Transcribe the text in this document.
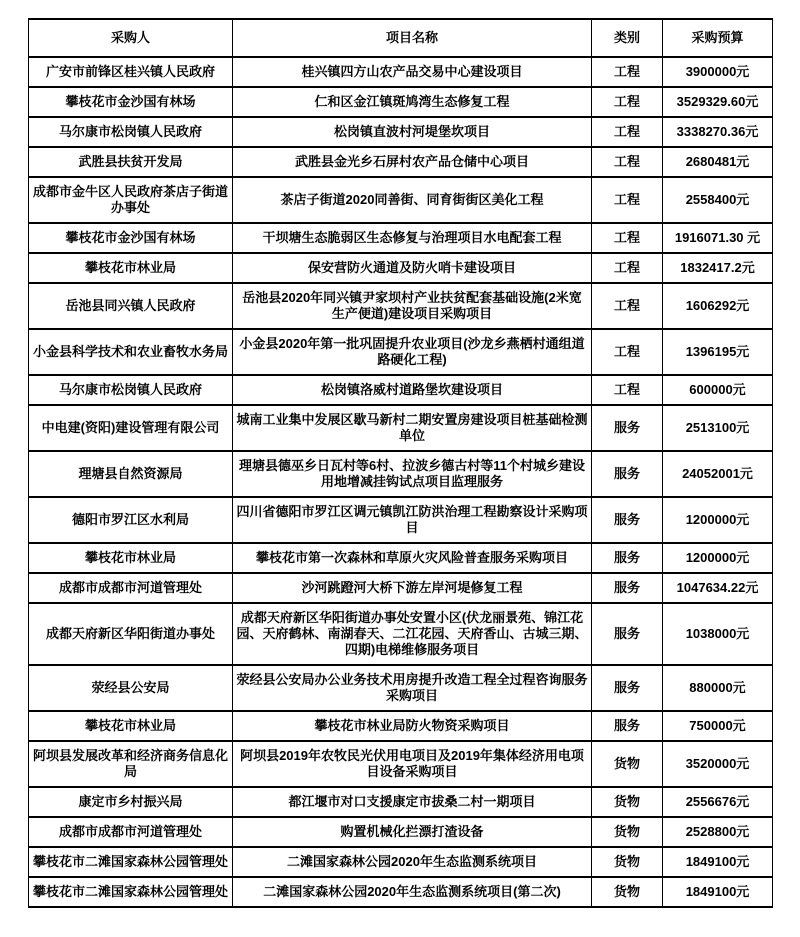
采购人	项目名称	类别	采购预算
广安市前锋区桂兴镇人民政府	桂兴镇四方山农产品交易中心建设项目	工程	3900000元
攀枝花市金沙国有林场	仁和区金江镇斑鸠湾生态修复工程	工程	3529329.60元
马尔康市松岗镇人民政府	松岗镇直波村河堤堡坎项目	工程	3338270.36元
武胜县扶贫开发局	武胜县金光乡石屏村农产品仓储中心项目	工程	2680481元
成都市金牛区人民政府茶店子街道办事处	茶店子街道2020同善街、同育街街区美化工程	工程	2558400元
攀枝花市金沙国有林场	干坝塘生态脆弱区生态修复与治理项目水电配套工程	工程	1916071.30 元
攀枝花市林业局	保安营防火通道及防火哨卡建设项目	工程	1832417.2元
岳池县同兴镇人民政府	岳池县2020年同兴镇尹家坝村产业扶贫配套基础设施(2米宽生产便道)建设项目采购项目	工程	1606292元
小金县科学技术和农业畜牧水务局	小金县2020年第一批巩固提升农业项目(沙龙乡燕栖村通组道路硬化工程)	工程	1396195元
马尔康市松岗镇人民政府	松岗镇洛威村道路堡坎建设项目	工程	600000元
中电建(资阳)建设管理有限公司	城南工业集中发展区歇马新村二期安置房建设项目桩基础检测单位	服务	2513100元
理塘县自然资源局	理塘县德巫乡日瓦村等6村、拉波乡德古村等11个村城乡建设用地增减挂钩试点项目监理服务	服务	24052001元
德阳市罗江区水利局	四川省德阳市罗江区调元镇凯江防洪治理工程勘察设计采购项目	服务	1200000元
攀枝花市林业局	攀枝花市第一次森林和草原火灾风险普查服务采购项目	服务	1200000元
成都市成都市河道管理处	沙河跳蹬河大桥下游左岸河堤修复工程	服务	1047634.22元
成都天府新区华阳街道办事处	成都天府新区华阳街道办事处安置小区(伏龙丽景苑、锦江花园、天府鹤林、南湖春天、二江花园、天府香山、古城三期、四期)电梯维修服务项目	服务	1038000元
荥经县公安局	荥经县公安局办公业务技术用房提升改造工程全过程咨询服务采购项目	服务	880000元
攀枝花市林业局	攀枝花市林业局防火物资采购项目	服务	750000元
阿坝县发展改革和经济商务信息化局	阿坝县2019年农牧民光伏用电项目及2019年集体经济用电项目设备采购项目	货物	3520000元
康定市乡村振兴局	都江堰市对口支援康定市拔桑二村一期项目	货物	2556676元
成都市成都市河道管理处	购置机械化拦漂打渣设备	货物	2528800元
攀枝花市二滩国家森林公园管理处	二滩国家森林公园2020年生态监测系统项目	货物	1849100元
攀枝花市二滩国家森林公园管理处	二滩国家森林公园2020年生态监测系统项目(第二次)	货物	1849100元
